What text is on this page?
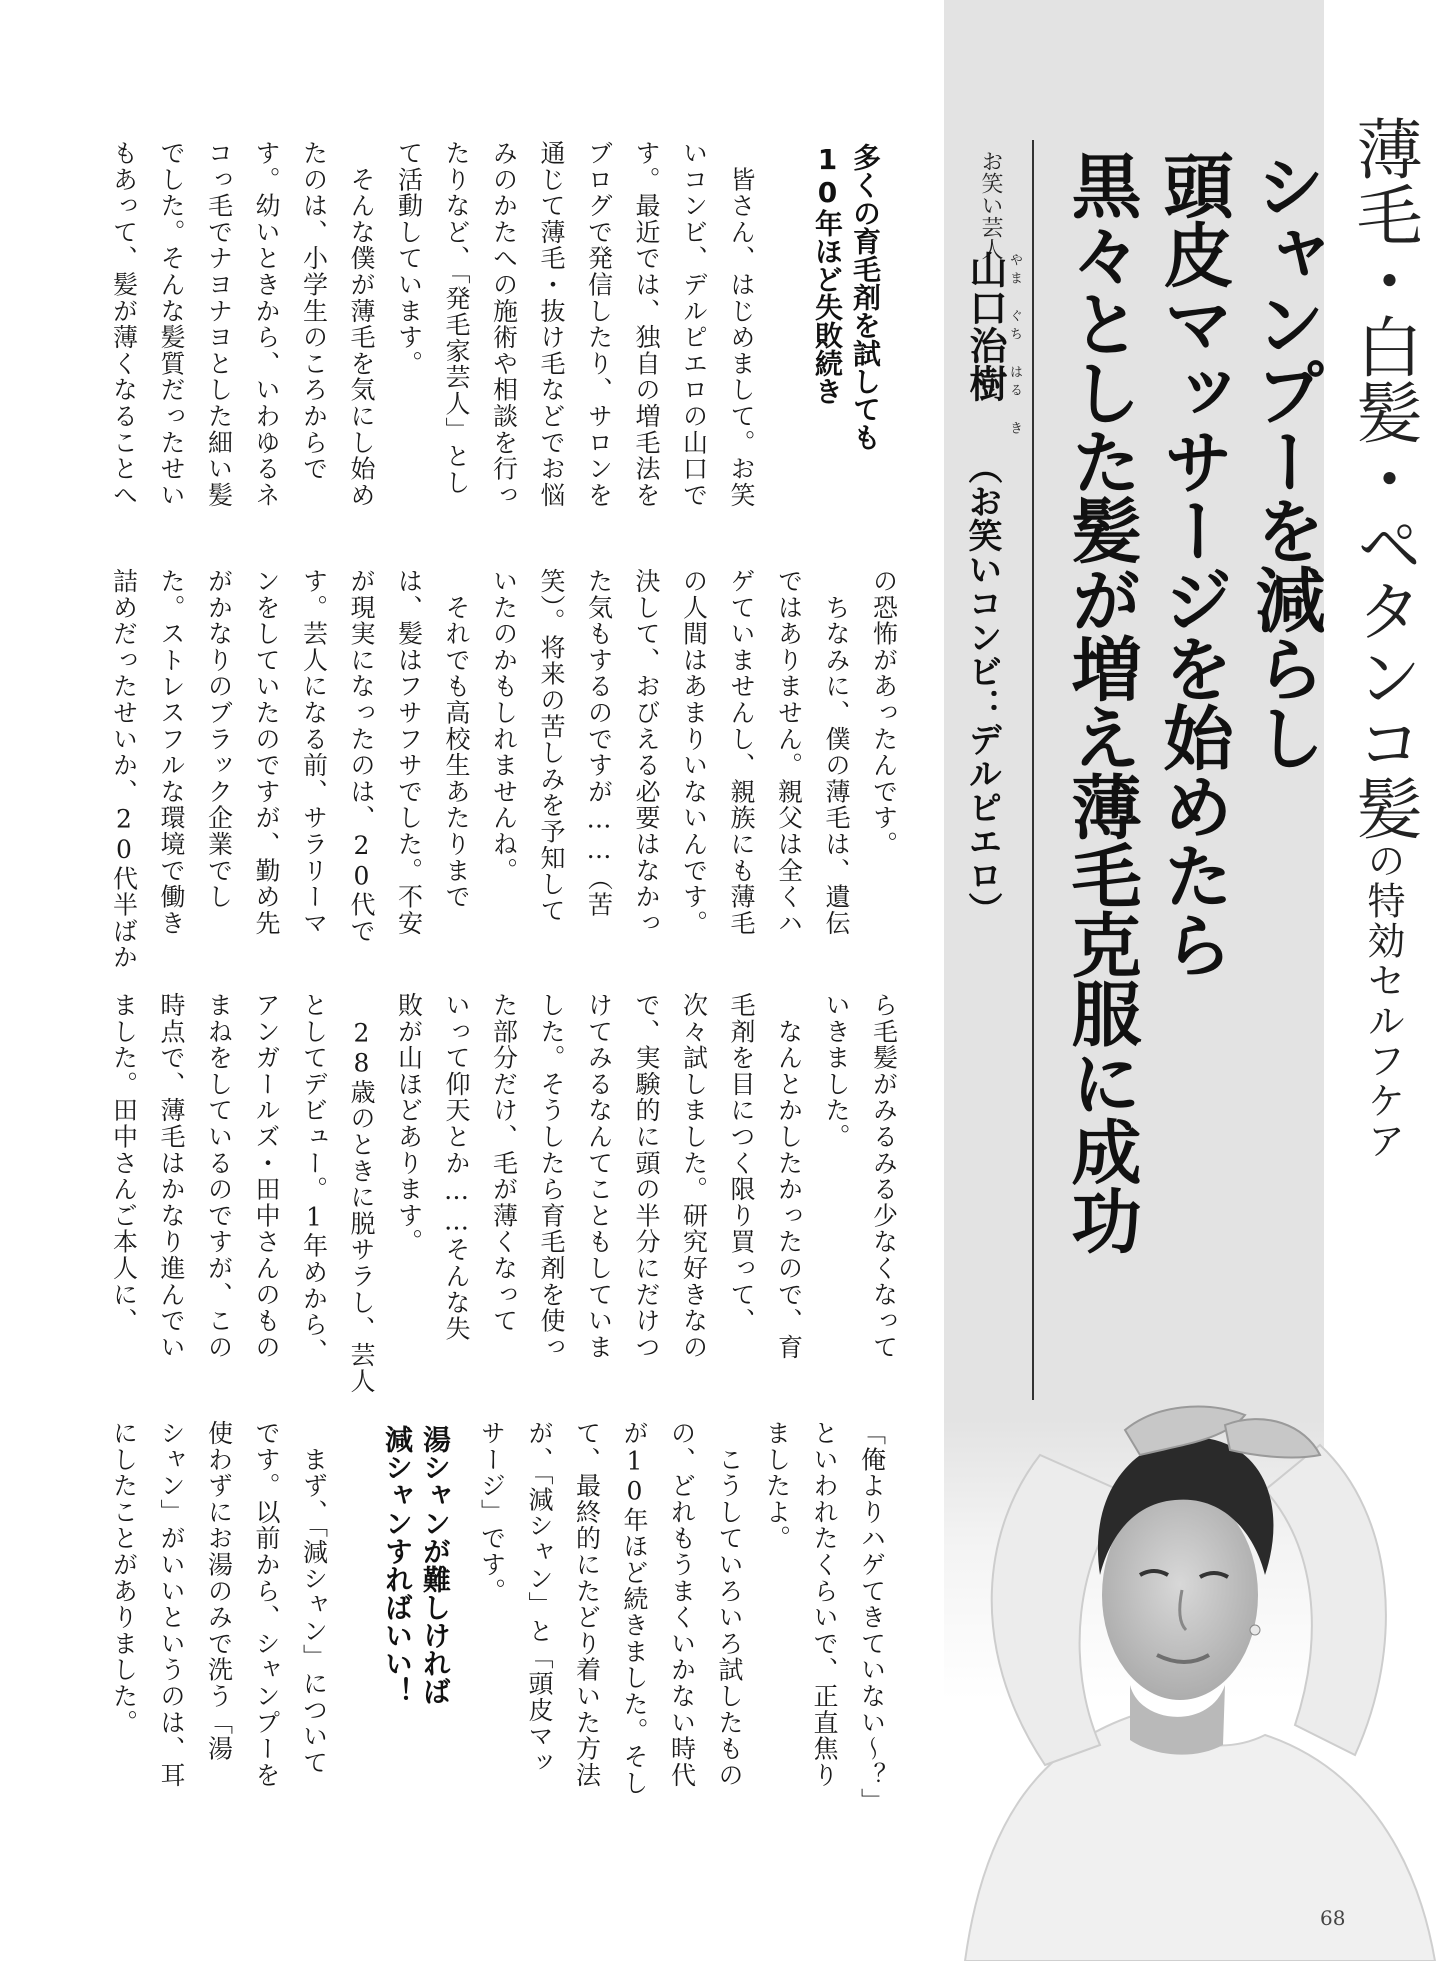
薄毛・白髪・ペタンコ髪の特効セルフケア

シャンプーを減らし
頭皮マッサージを始めたら
黒々とした髪が増え薄毛克服に成功

お笑い芸人

やま ぐち はる き

山口治樹

（お笑いコンビ：デルピエロ）

多くの育毛剤を試しても
10年ほど失敗続き
　皆さん、はじめまして。お笑
いコンビ、デルピエロの山口で
す。最近では、独自の増毛法を
ブログで発信したり、サロンを
通じて薄毛・抜け毛などでお悩
みのかたへの施術や相談を行っ
たりなど、「発毛家芸人」とし
て活動しています。
　そんな僕が薄毛を気にし始め
たのは、小学生のころからで
す。幼いときから、いわゆるネ
コっ毛でナヨナヨとした細い髪
でした。そんな髪質だったせい
もあって、髪が薄くなることへ
の恐怖があったんです。
　ちなみに、僕の薄毛は、遺伝
ではありません。親父は全くハ
ゲていませんし、親族にも薄毛
の人間はあまりいないんです。
決して、おびえる必要はなかっ
た気もするのですが……（苦
笑）。将来の苦しみを予知して
いたのかもしれませんね。
　それでも高校生あたりまで
は、髪はフサフサでした。不安
が現実になったのは、20代で
す。芸人になる前、サラリーマ
ンをしていたのですが、勤め先
がかなりのブラック企業でし
た。ストレスフルな環境で働き
詰めだったせいか、20代半ばか
ら毛髪がみるみる少なくなって
いきました。
　なんとかしたかったので、育
毛剤を目につく限り買って、
次々試しました。研究好きなの
で、実験的に頭の半分にだけつ
けてみるなんてこともしていま
した。そうしたら育毛剤を使っ
た部分だけ、毛が薄くなって
いって仰天とか……そんな失
敗が山ほどあります。
　28歳のときに脱サラし、芸人
としてデビュー。1年めから、
アンガールズ・田中さんのもの
まねをしているのですが、この
時点で、薄毛はかなり進んでい
ました。田中さんご本人に、
「俺よりハゲてきていない〜？」
といわれたくらいで、正直焦り
ましたよ。
　こうしていろいろ試したもの
の、どれもうまくいかない時代
が10年ほど続きました。そし
て、最終的にたどり着いた方法
が、「減シャン」と「頭皮マッ
サージ」です。
湯シャンが難しければ
減シャンすればいい！
　まず、「減シャン」について
です。以前から、シャンプーを
使わずにお湯のみで洗う「湯
シャン」がいいというのは、耳
にしたことがありました。
68
